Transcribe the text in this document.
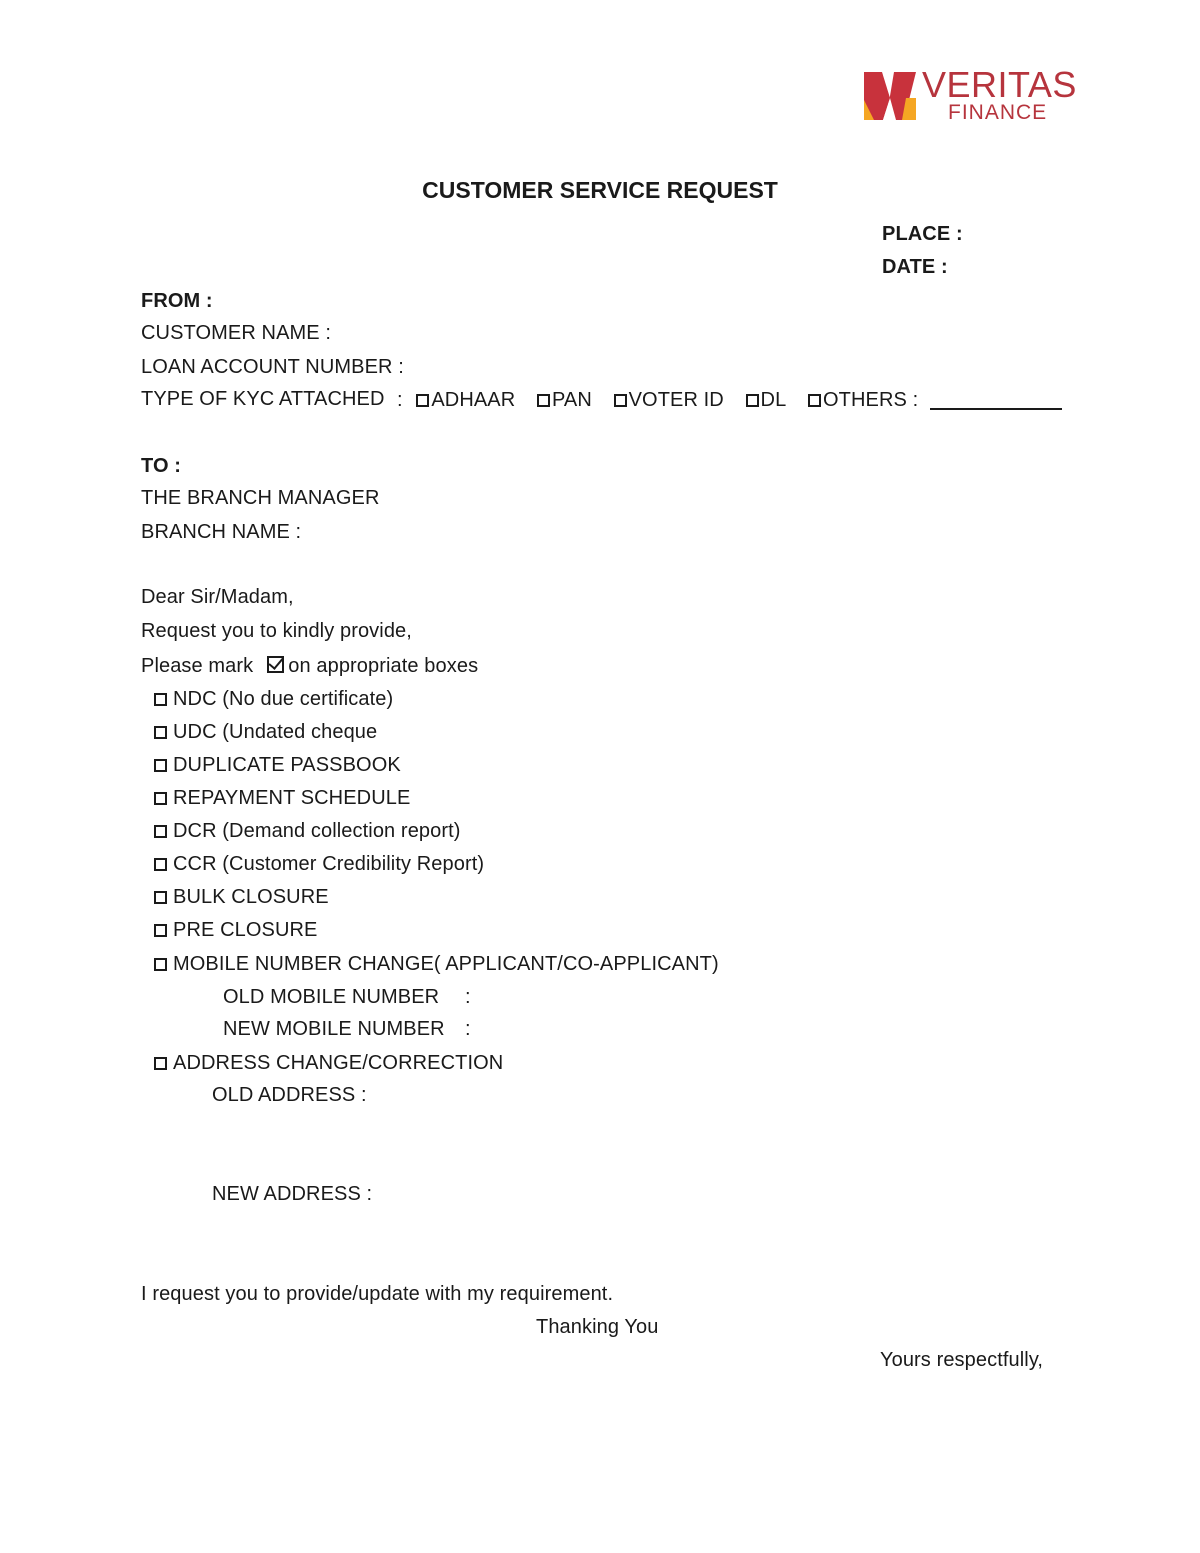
VERITAS
FINANCE
CUSTOMER SERVICE REQUEST
PLACE :
DATE :
FROM :
CUSTOMER NAME :
LOAN ACCOUNT NUMBER :
TYPE OF KYC ATTACHED : ADHAAR PAN VOTER ID DL OTHERS :
TO :
THE BRANCH MANAGER
BRANCH NAME :
Dear Sir/Madam,
Request you to kindly provide,
Please mark on appropriate boxes
NDC (No due certificate)
UDC (Undated cheque
DUPLICATE PASSBOOK
REPAYMENT SCHEDULE
DCR (Demand collection report)
CCR (Customer Credibility Report)
BULK CLOSURE
PRE CLOSURE
MOBILE NUMBER CHANGE( APPLICANT/CO-APPLICANT)
OLD MOBILE NUMBER :
NEW MOBILE NUMBER :
ADDRESS CHANGE/CORRECTION
OLD ADDRESS :
NEW ADDRESS :
I request you to provide/update with my requirement.
Thanking You
Yours respectfully,
